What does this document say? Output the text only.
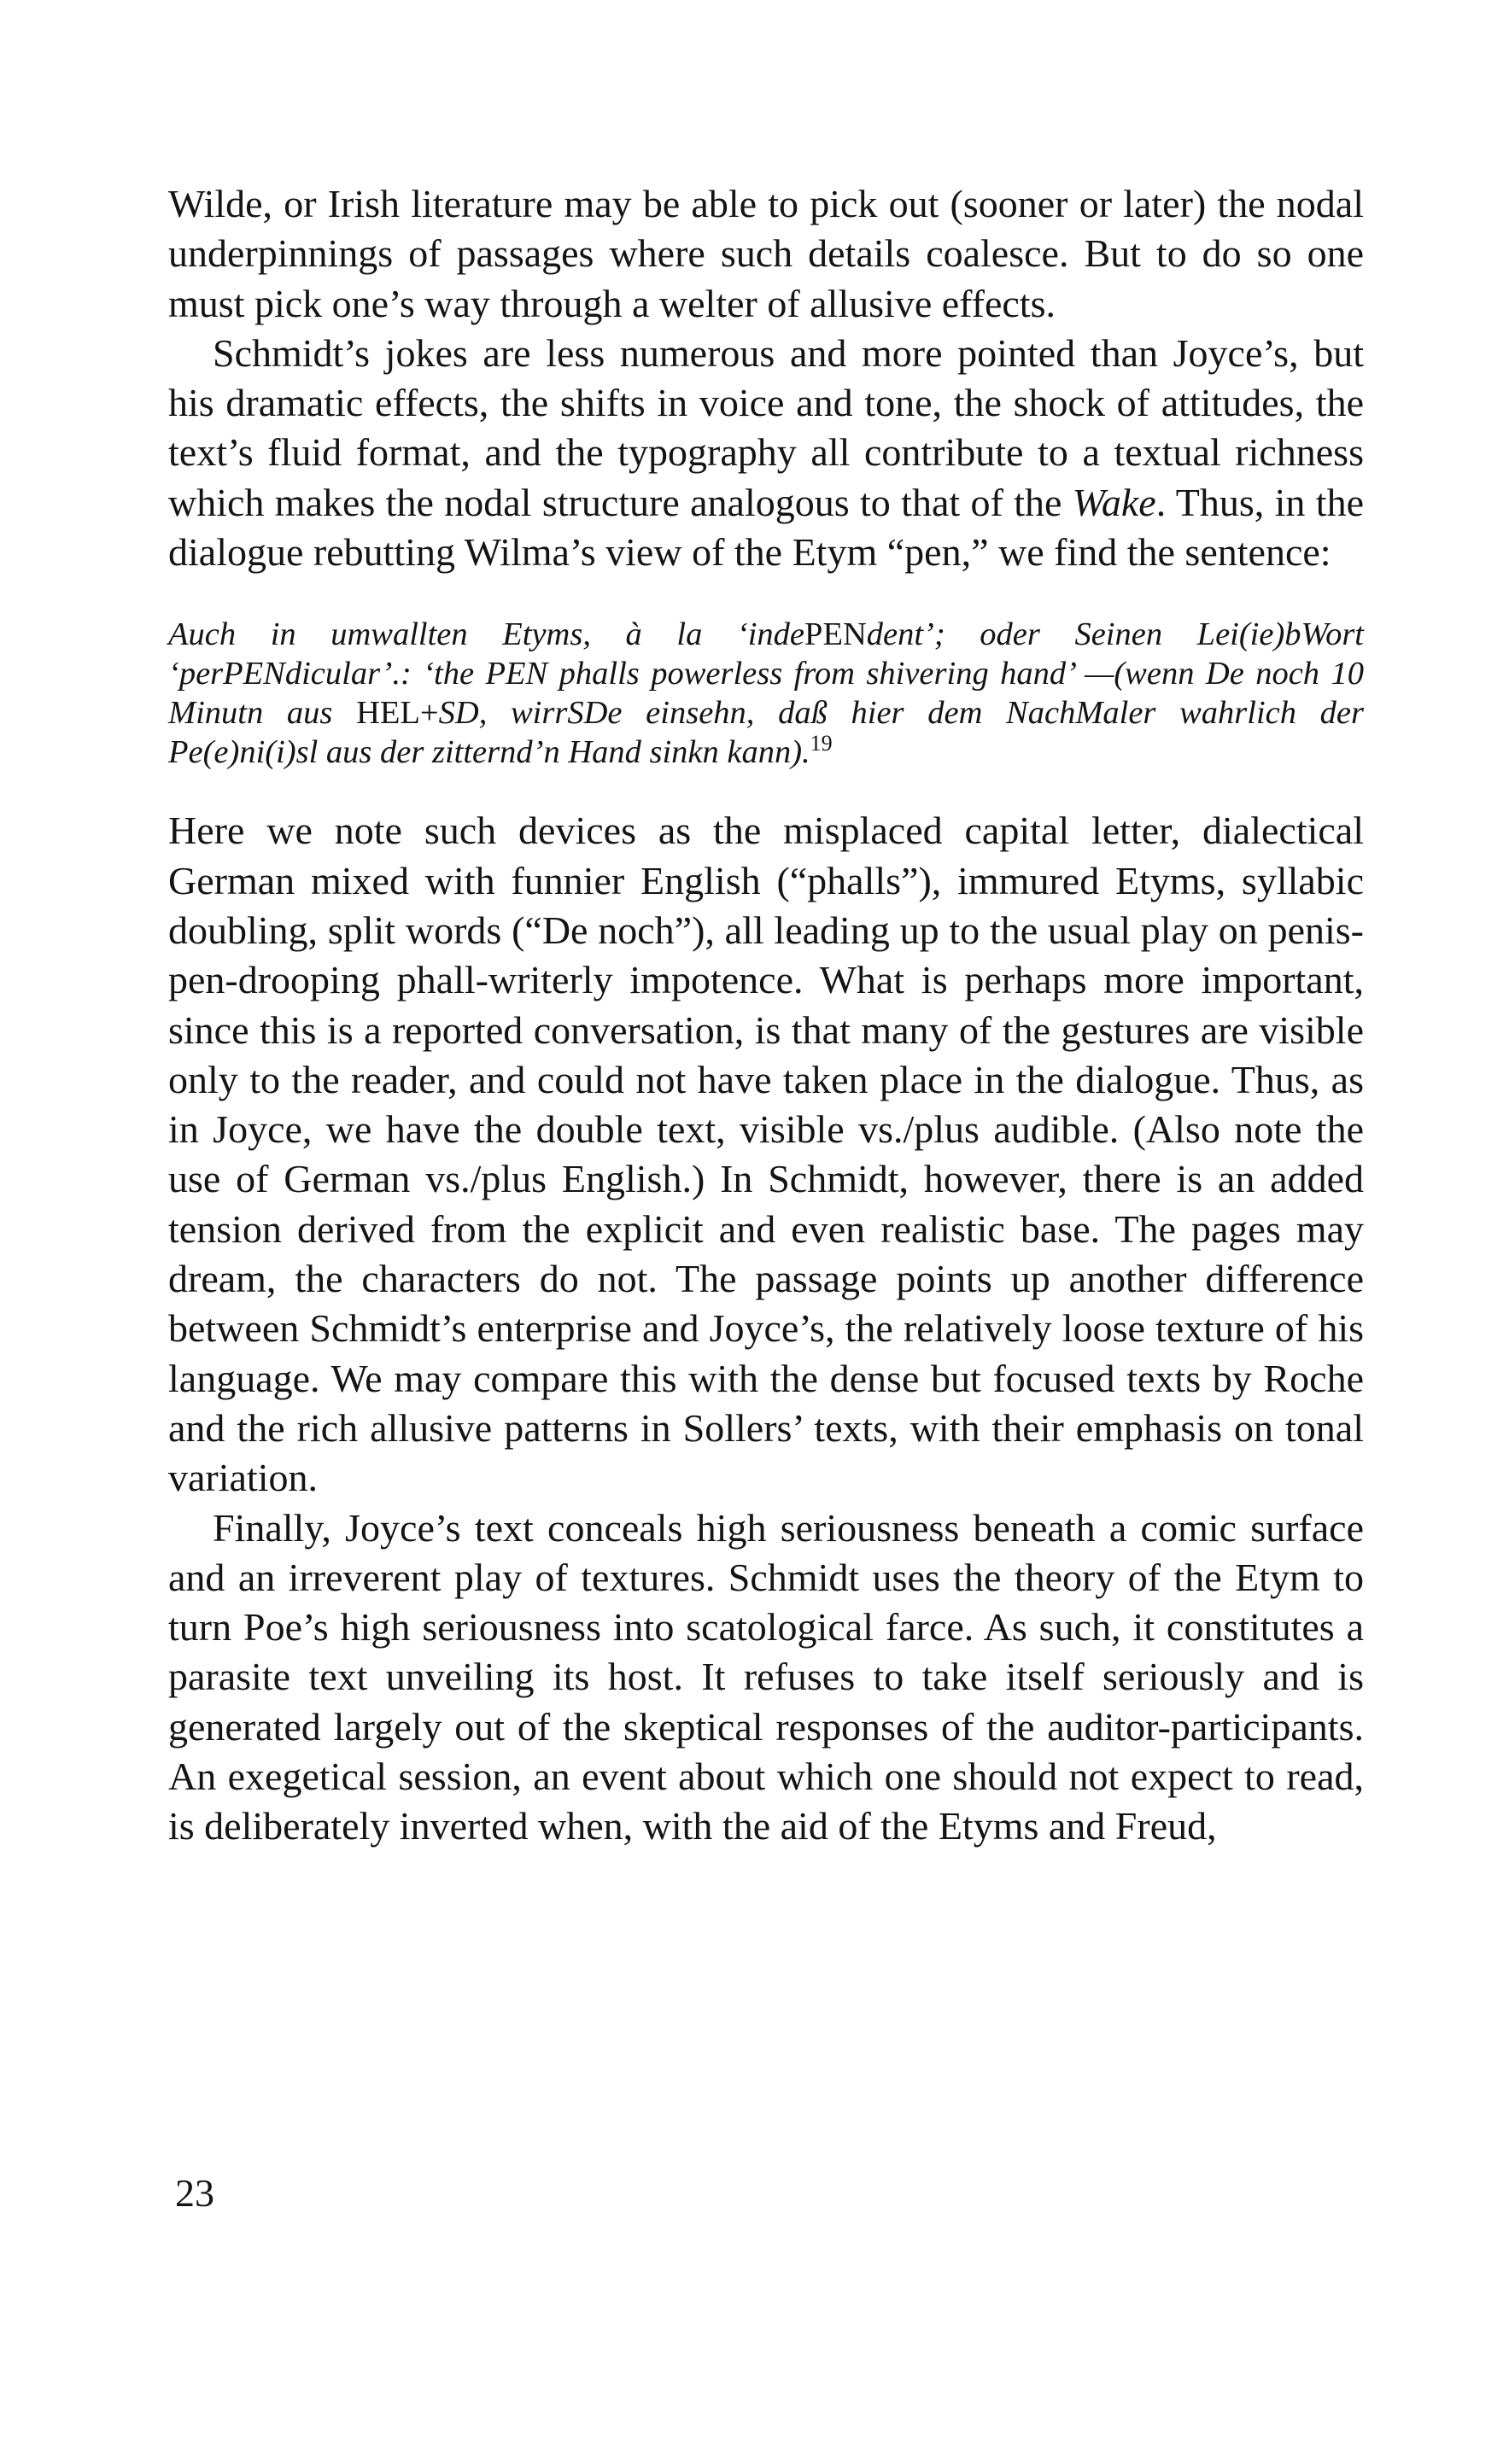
Wilde, or Irish literature may be able to pick out (sooner or later) the nodal underpinnings of passages where such details coalesce. But to do so one must pick one’s way through a welter of allusive effects.

Schmidt’s jokes are less numerous and more pointed than Joyce’s, but his dramatic effects, the shifts in voice and tone, the shock of attitudes, the text’s fluid format, and the typography all contribute to a textual richness which makes the nodal structure analogous to that of the Wake. Thus, in the dialogue rebutting Wilma’s view of the Etym “pen,” we find the sentence:

Auch in umwallten Etyms, à la ‘indePENdent’; oder Seinen Lei(ie)bWort ‘perPENdicular’.: ‘the PEN phalls powerless from shivering hand’ —(wenn De noch 10 Minutn aus HEL+SD, wirrSDe einsehn, daß hier dem NachMaler wahrlich der Pe(e)ni(i)sl aus der zitternd’n Hand sinkn kann).$^{19}$

Here we note such devices as the misplaced capital letter, dialectical German mixed with funnier English (“phalls”), immured Etyms, syllabic doubling, split words (“De noch”), all leading up to the usual play on penis-pen-drooping phall-writerly impotence. What is perhaps more important, since this is a reported conversation, is that many of the gestures are visible only to the reader, and could not have taken place in the dialogue. Thus, as in Joyce, we have the double text, visible vs./plus audible. (Also note the use of German vs./plus English.) In Schmidt, however, there is an added tension derived from the explicit and even realistic base. The pages may dream, the characters do not. The passage points up another difference between Schmidt’s enterprise and Joyce’s, the relatively loose texture of his language. We may compare this with the dense but focused texts by Roche and the rich allusive patterns in Sollers’ texts, with their emphasis on tonal variation.

Finally, Joyce’s text conceals high seriousness beneath a comic surface and an irreverent play of textures. Schmidt uses the theory of the Etym to turn Poe’s high seriousness into scatological farce. As such, it constitutes a parasite text unveiling its host. It refuses to take itself seriously and is generated largely out of the skeptical responses of the auditor-participants. An exegetical session, an event about which one should not expect to read, is deliberately inverted when, with the aid of the Etyms and Freud,

23
